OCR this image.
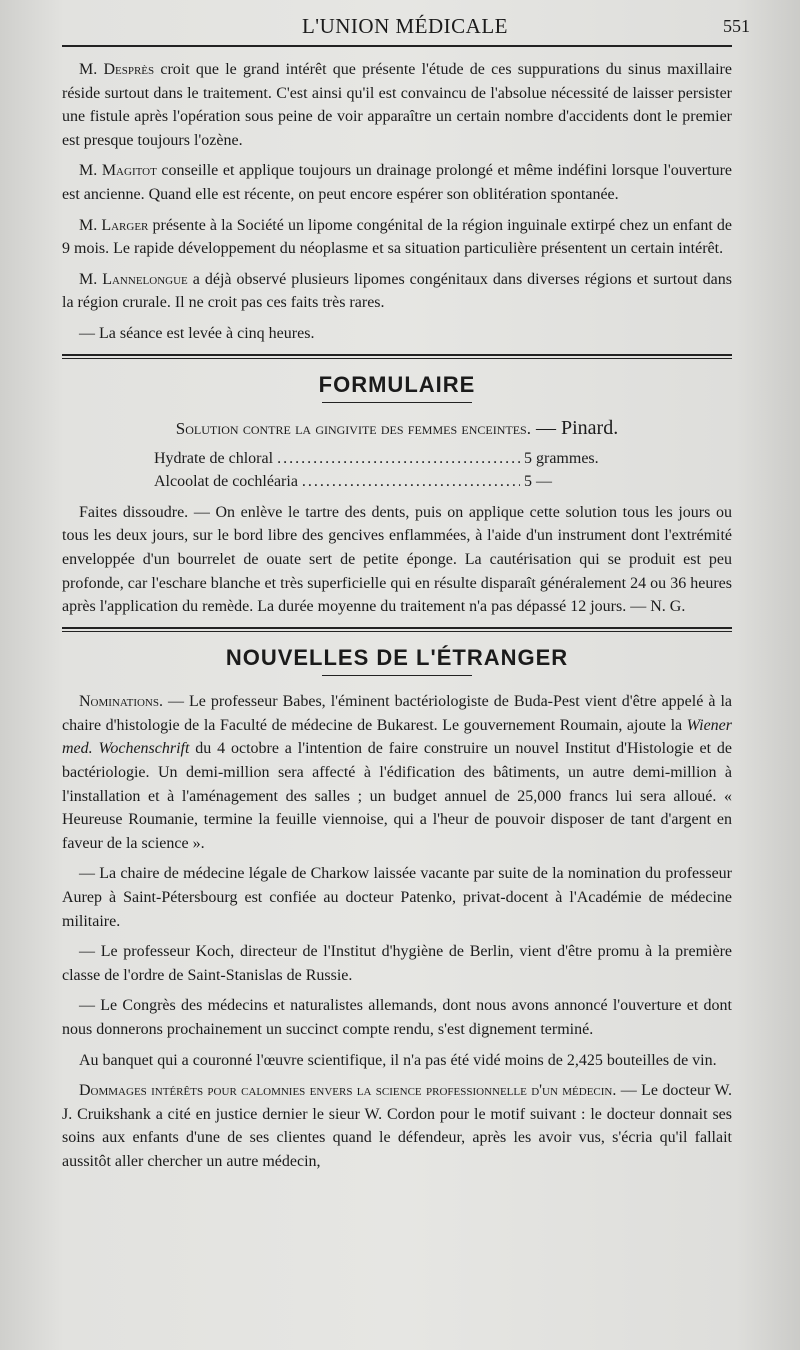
L'UNION MÉDICALE	551

M. Desprès croit que le grand intérêt que présente l'étude de ces suppurations du sinus maxillaire réside surtout dans le traitement. C'est ainsi qu'il est convaincu de l'absolue nécessité de laisser persister une fistule après l'opération sous peine de voir apparaître un certain nombre d'accidents dont le premier est presque toujours l'ozène.

M. Magitot conseille et applique toujours un drainage prolongé et même indéfini lorsque l'ouverture est ancienne. Quand elle est récente, on peut encore espérer son oblitération spontanée.

M. Larger présente à la Société un lipome congénital de la région inguinale extirpé chez un enfant de 9 mois. Le rapide développement du néoplasme et sa situation particulière présentent un certain intérêt.

M. Lannelongue a déjà observé plusieurs lipomes congénitaux dans diverses régions et surtout dans la région crurale. Il ne croit pas ces faits très rares.

— La séance est levée à cinq heures.

FORMULAIRE
Solution contre la gingivite des femmes enceintes. — Pinard.
Hydrate de chloral .....	5 grammes.
Alcoolat de cochléaria .....	5 —

Faites dissoudre. — On enlève le tartre des dents, puis on applique cette solution tous les jours ou tous les deux jours, sur le bord libre des gencives enflammées, à l'aide d'un instrument dont l'extrémité enveloppée d'un bourrelet de ouate sert de petite éponge. La cautérisation qui se produit est peu profonde, car l'eschare blanche et très superficielle qui en résulte disparaît généralement 24 ou 36 heures après l'application du remède. La durée moyenne du traitement n'a pas dépassé 12 jours. — N. G.

NOUVELLES DE L'ÉTRANGER

Nominations. — Le professeur Babes, l'éminent bactériologiste de Buda-Pest vient d'être appelé à la chaire d'histologie de la Faculté de médecine de Bukarest. Le gouvernement Roumain, ajoute la Wiener med. Wochenschrift du 4 octobre a l'intention de faire construire un nouvel Institut d'Histologie et de bactériologie. Un demi-million sera affecté à l'édification des bâtiments, un autre demi-million à l'installation et à l'aménagement des salles ; un budget annuel de 25,000 francs lui sera alloué. « Heureuse Roumanie, termine la feuille viennoise, qui a l'heur de pouvoir disposer de tant d'argent en faveur de la science ».

— La chaire de médecine légale de Charkow laissée vacante par suite de la nomination du professeur Aurep à Saint-Pétersbourg est confiée au docteur Patenko, privat-docent à l'Académie de médecine militaire.

— Le professeur Koch, directeur de l'Institut d'hygiène de Berlin, vient d'être promu à la première classe de l'ordre de Saint-Stanislas de Russie.

— Le Congrès des médecins et naturalistes allemands, dont nous avons annoncé l'ouverture et dont nous donnerons prochainement un succinct compte rendu, s'est dignement terminé.

Au banquet qui a couronné l'œuvre scientifique, il n'a pas été vidé moins de 2,425 bouteilles de vin.

Dommages intérêts pour calomnies envers la science professionnelle d'un médecin. — Le docteur W. J. Cruikshank a cité en justice dernier le sieur W. Cordon pour le motif suivant : le docteur donnait ses soins aux enfants d'une de ses clientes quand le défendeur, après les avoir vus, s'écria qu'il fallait aussitôt aller chercher un autre médecin,
